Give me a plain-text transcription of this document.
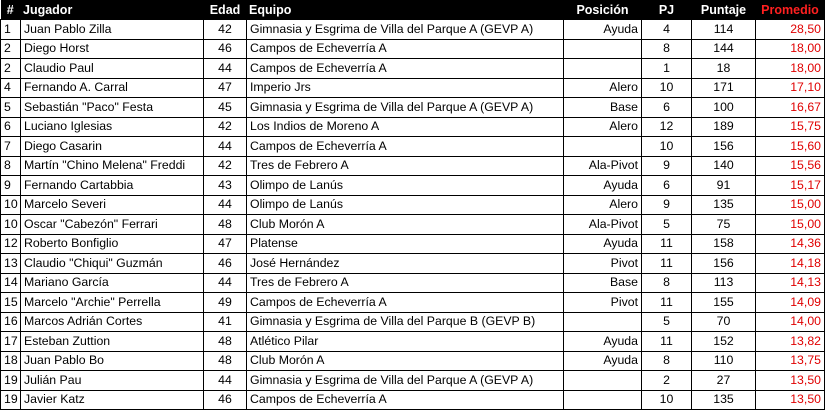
#	Jugador	Edad	Equipo	Posición	PJ	Puntaje	Promedio
1	Juan Pablo Zilla	42	Gimnasia y Esgrima de Villa del Parque A (GEVP A)	Ayuda	4	114	28,50
2	Diego Horst	46	Campos de Echeverría A		8	144	18,00
2	Claudio Paul	44	Campos de Echeverría A		1	18	18,00
4	Fernando A. Carral	47	Imperio Jrs	Alero	10	171	17,10
5	Sebastián "Paco" Festa	45	Gimnasia y Esgrima de Villa del Parque A (GEVP A)	Base	6	100	16,67
6	Luciano Iglesias	42	Los Indios de Moreno A	Alero	12	189	15,75
7	Diego Casarin	44	Campos de Echeverría A		10	156	15,60
8	Martín "Chino Melena" Freddi	42	Tres de Febrero A	Ala-Pivot	9	140	15,56
9	Fernando Cartabbia	43	Olimpo de Lanús	Ayuda	6	91	15,17
10	Marcelo Severi	44	Olimpo de Lanús	Alero	9	135	15,00
10	Oscar "Cabezón" Ferrari	48	Club Morón A	Ala-Pivot	5	75	15,00
12	Roberto Bonfiglio	47	Platense	Ayuda	11	158	14,36
13	Claudio "Chiqui" Guzmán	46	José Hernández	Pivot	11	156	14,18
14	Mariano García	44	Tres de Febrero A	Base	8	113	14,13
15	Marcelo "Archie" Perrella	49	Campos de Echeverría A	Pivot	11	155	14,09
16	Marcos Adrián Cortes	41	Gimnasia y Esgrima de Villa del Parque B (GEVP B)		5	70	14,00
17	Esteban Zuttion	48	Atlético Pilar	Ayuda	11	152	13,82
18	Juan Pablo Bo	48	Club Morón A	Ayuda	8	110	13,75
19	Julián Pau	44	Gimnasia y Esgrima de Villa del Parque A (GEVP A)		2	27	13,50
19	Javier Katz	46	Campos de Echeverría A		10	135	13,50
